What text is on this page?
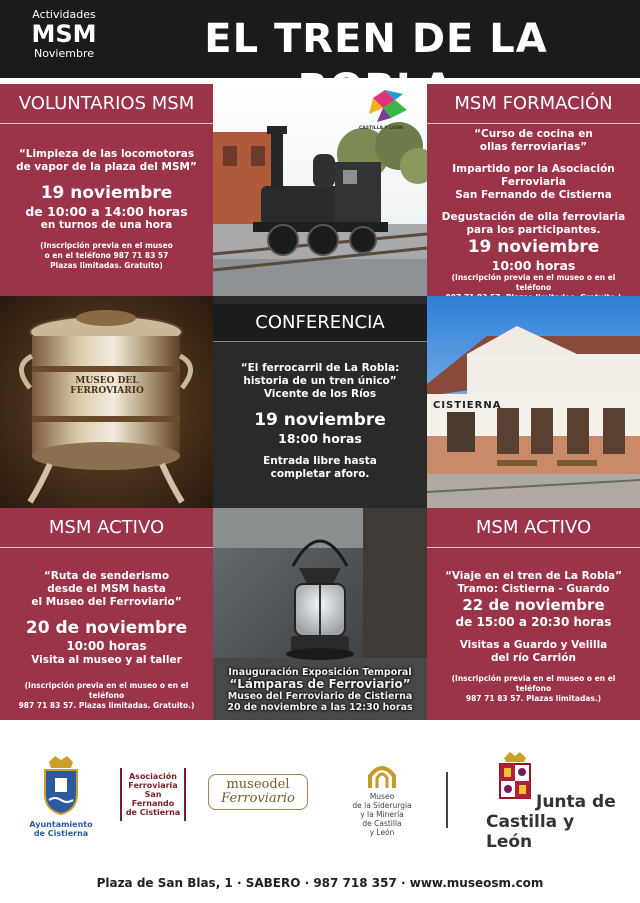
Actividades
MSM
Noviembre	EL TREN DE LA
VOLUNTARIOS MSM
“Limpieza de las locomotoras
de vapor de la plaza del MSM”
19 noviembre
de 10:00 a 14:00 horas
en turnos de una hora
(Inscripción previa en el museo
o en el teléfono 987 71 83 57
Plazas limitadas. Gratuito)
CASTILLA Y LEÓN
MSM FORMACIÓN
“Curso de cocina en
ollas ferroviarias”
Impartido por la Asociación
Ferroviaria
San Fernando de Cistierna
Degustación de olla ferroviaria
para los participantes.
19 noviembre
10:00 horas
(Inscripción previa en el museo o en el teléfono
MUSEO DEL FERROVIARIO
CONFERENCIA
“El ferrocarril de La Robla:
historia de un tren único”
Vicente de los Ríos
19 noviembre
18:00 horas
Entrada libre hasta
completar aforo.
CISTIERNA
MSM ACTIVO
“Ruta de senderismo
desde el MSM hasta
el Museo del Ferroviario”
20 de noviembre
10:00 horas
Visita al museo y al taller
(Inscripción previa en el museo o en el teléfono
987 71 83 57. Plazas limitadas. Gratuito.)
Inauguración Exposición Temporal
“Lámparas de Ferroviario”
Museo del Ferroviario de Cistierna
20 de noviembre a las 12:30 horas
MSM ACTIVO
“Viaje en el tren de La Robla”
Tramo: Cistierna - Guardo
22 de noviembre
de 15:00 a 20:30 horas
Visitas a Guardo y Velilla
del río Carrión
(Inscripción previa en el museo o en el teléfono
987 71 83 57. Plazas limitadas.)
Ayuntamiento
de Cistierna
Asociación
Ferroviaria
San Fernando
de Cistierna
museodel
Ferroviario	Museo
de la Siderurgia
y la Minería
de Castilla
y León
Junta de
Castilla y León
Plaza de San Blas, 1 · SABERO · 987 718 357 · www.museosm.com
